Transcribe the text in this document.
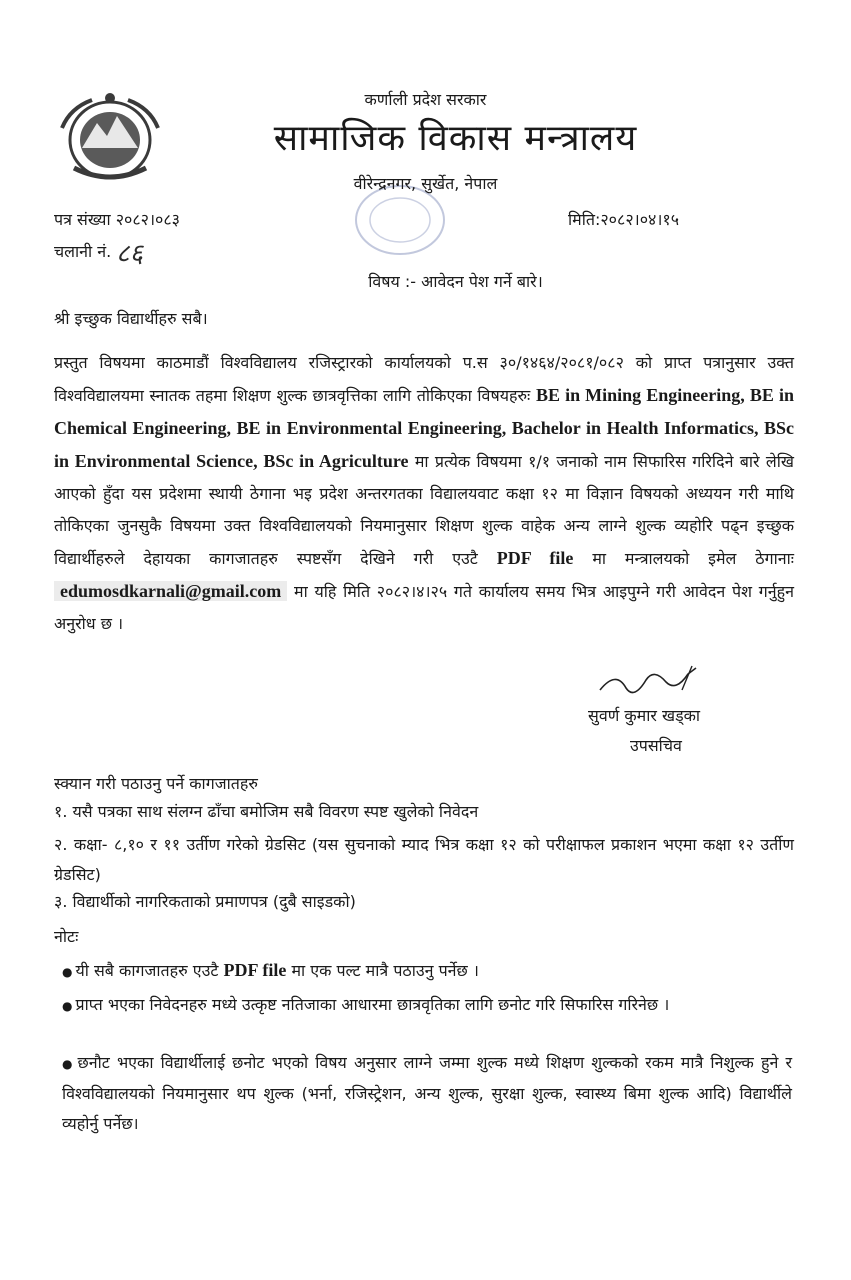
कर्णाली प्रदेश सरकार
सामाजिक विकास मन्त्रालय
वीरेन्द्रनगर, सुर्खेत, नेपाल
पत्र संख्या २०८२।०८३
चलानी नं. ८६
मिति:२०८२।०४।१५
विषय :- आवेदन पेश गर्ने बारे।
श्री इच्छुक विद्यार्थीहरु सबै।
प्रस्तुत विषयमा काठमाडौं विश्वविद्यालय रजिस्ट्रारको कार्यालयको प.स ३०/१४६४/२०८१/०८२ को प्राप्त पत्रानुसार उक्त विश्वविद्यालयमा स्नातक तहमा शिक्षण शुल्क छात्रवृत्तिका लागि तोकिएका विषयहरुः BE in Mining Engineering, BE in Chemical Engineering, BE in Environmental Engineering, Bachelor in Health Informatics, BSc in Environmental Science, BSc in Agriculture मा प्रत्येक विषयमा १/१ जनाको नाम सिफारिस गरिदिने बारे लेखि आएको हुँदा यस प्रदेशमा स्थायी ठेगाना भइ प्रदेश अन्तरगतका विद्यालयवाट कक्षा १२ मा विज्ञान विषयको अध्ययन गरी माथि तोकिएका जुनसुकै विषयमा उक्त विश्वविद्यालयको नियमानुसार शिक्षण शुल्क वाहेक अन्य लाग्ने शुल्क व्यहोरि पढ्न इच्छुक विद्यार्थीहरुले देहायका कागजातहरु स्पष्टसँग देखिने गरी एउटै PDF file मा मन्त्रालयको इमेल ठेगानाः edumosdkarnali@gmail.com मा यहि मिति २०८२।४।२५ गते कार्यालय समय भित्र आइपुग्ने गरी आवेदन पेश गर्नुहुन अनुरोध छ ।
सुवर्ण कुमार खड्का
उपसचिव
स्क्यान गरी पठाउनु पर्ने कागजातहरु
१. यसै पत्रका साथ संलग्न ढाँचा बमोजिम सबै विवरण स्पष्ट खुलेको निवेदन
२. कक्षा- ८,१० र ११ उर्तीण गरेको ग्रेडसिट (यस सुचनाको म्याद भित्र कक्षा १२ को परीक्षाफल प्रकाशन भएमा कक्षा १२ उर्तीण ग्रेडसिट)
३. विद्यार्थीको नागरिकताको प्रमाणपत्र (दुबै साइडको)
नोटः
● यी सबै कागजातहरु एउटै PDF file मा एक पल्ट मात्रै पठाउनु पर्नेछ ।
● प्राप्त भएका निवेदनहरु मध्ये उत्कृष्ट नतिजाका आधारमा छात्रवृतिका लागि छनोट गरि सिफारिस गरिनेछ ।
● छनौट भएका विद्यार्थीलाई छनोट भएको विषय अनुसार लाग्ने जम्मा शुल्क मध्ये शिक्षण शुल्कको रकम मात्रै निशुल्क हुने र विश्वविद्यालयको नियमानुसार थप शुल्क (भर्ना, रजिस्ट्रेशन, अन्य शुल्क, सुरक्षा शुल्क, स्वास्थ्य बिमा शुल्क आदि) विद्यार्थीले व्यहोर्नु पर्नेछ।
